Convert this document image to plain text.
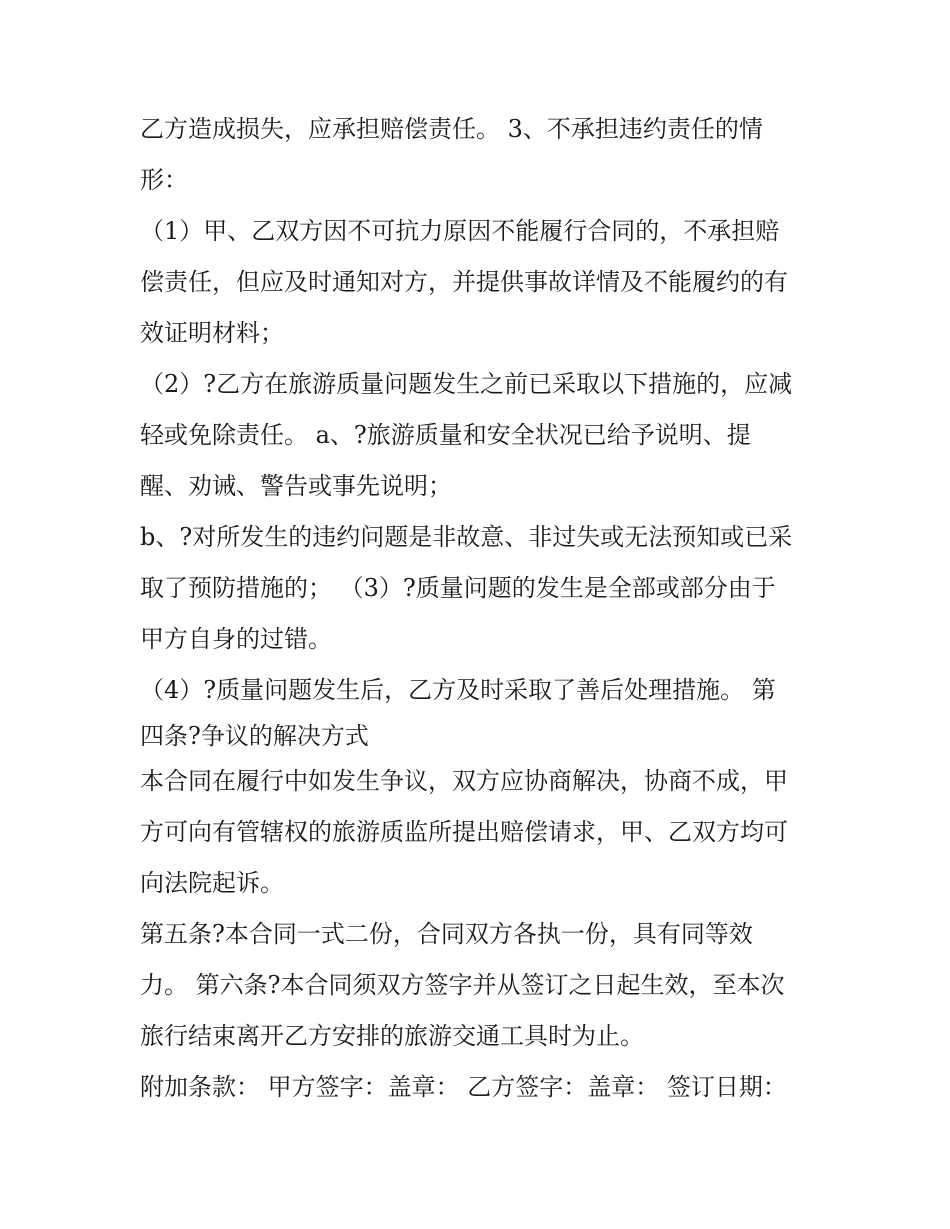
乙方造成损失，应承担赔偿责任。 3、不承担违约责任的情
形：
（1）甲、乙双方因不可抗力原因不能履行合同的，不承担赔
偿责任，但应及时通知对方，并提供事故详情及不能履约的有
效证明材料；
（2）?乙方在旅游质量问题发生之前已采取以下措施的，应减
轻或免除责任。 a、?旅游质量和安全状况已给予说明、提
醒、劝诫、警告或事先说明；
b、?对所发生的违约问题是非故意、非过失或无法预知或已采
取了预防措施的； （3）?质量问题的发生是全部或部分由于
甲方自身的过错。
（4）?质量问题发生后，乙方及时采取了善后处理措施。 第
四条?争议的解决方式
本合同在履行中如发生争议，双方应协商解决，协商不成，甲
方可向有管辖权的旅游质监所提出赔偿请求，甲、乙双方均可
向法院起诉。
第五条?本合同一式二份，合同双方各执一份，具有同等效
力。 第六条?本合同须双方签字并从签订之日起生效，至本次
旅行结束离开乙方安排的旅游交通工具时为止。
附加条款： 甲方签字：盖章： 乙方签字：盖章： 签订日期：
